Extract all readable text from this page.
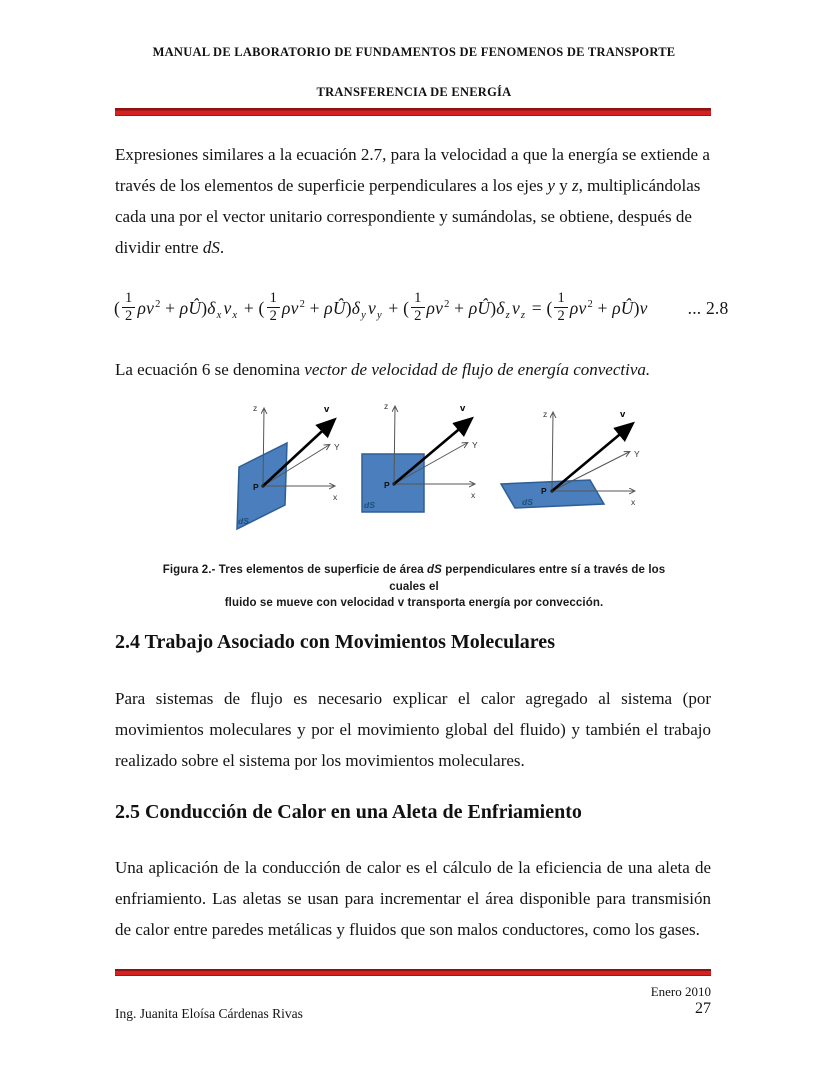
MANUAL DE LABORATORIO DE FUNDAMENTOS DE FENOMENOS DE TRANSPORTE
TRANSFERENCIA DE ENERGÍA

Expresiones similares a la ecuación 2.7, para la velocidad a que la energía se extiende a través de los elementos de superficie perpendiculares a los ejes y y z, multiplicándolas cada una por el vector unitario correspondiente y sumándolas, se obtiene, después de dividir entre dS.

( $\frac{1}{2} \rho v^2$ + $\rho Û)\delta_x$ $v_x$ + ( $\frac{1}{2} \rho v^2$ + $\rho Û)\delta_y$ $v_y$ + ( $\frac{1}{2} \rho v^2$ + $\rho Û)\delta_z$ $v_z$ = ( $\frac{1}{2} \rho v^2$ + ρÛ)v ... 2.8

La ecuación 6 se denomina vector de velocidad de flujo de energía convectiva.

z
x
Y
v
P
dS
z
x
Y
v
P
dS
z
x
Y
v
P
dS
Figura 2.- Tres elementos de superficie de área dS perpendiculares entre sí a través de los cuales el
fluido se mueve con velocidad v transporta energía por convección.
2.4 Trabajo Asociado con Movimientos Moleculares

Para sistemas de flujo es necesario explicar el calor agregado al sistema (por movimientos moleculares y por el movimiento global del fluido) y también el trabajo realizado sobre el sistema por los movimientos moleculares.

2.5 Conducción de Calor en una Aleta de Enfriamiento

Una aplicación de la conducción de calor es el cálculo de la eficiencia de una aleta de enfriamiento. Las aletas se usan para incrementar el área disponible para transmisión de calor entre paredes metálicas y fluidos que son malos conductores, como los gases.

Enero 2010
27
Ing. Juanita Eloísa Cárdenas Rivas
